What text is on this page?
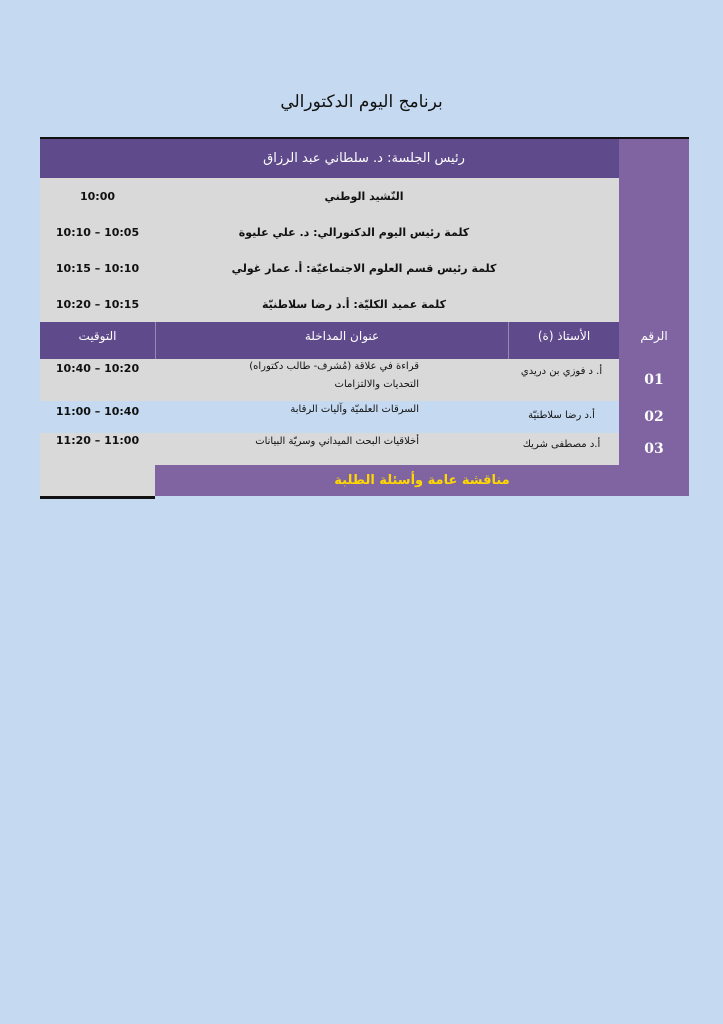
برنامج اليوم الدكتورالي
رئيس الجلسة: د. سلطاني عبد الرزاق
النّشيد الوطني
10:00
كلمة رئيس اليوم الدكتورالي: د. علي عليوة
10:10 – 10:05
كلمة رئيس قسم العلوم الاجتماعيّة: أ. عمار غولي
10:15 – 10:10
كلمة عميد الكليّة: أ.د رضا سلاطنيّة
10:20 – 10:15
الرقم
الأستاذ (ة)
عنوان المداخلة
التوقيت
01
أ. د فوزي بن دريدي
قراءة في علاقة (مُشرف- طالب دكتوراه)
التحديات والالتزامات
10:40 – 10:20
02
أ.د رضا سلاطنيّة
السرقات العلميّة وآليات الرقابة
11:00 – 10:40
03
أ.د مصطفى شريك
أخلاقيات البحث الميداني وسريّة البيانات
11:20 – 11:00
مناقشة عامة وأسئلة الطلبة
